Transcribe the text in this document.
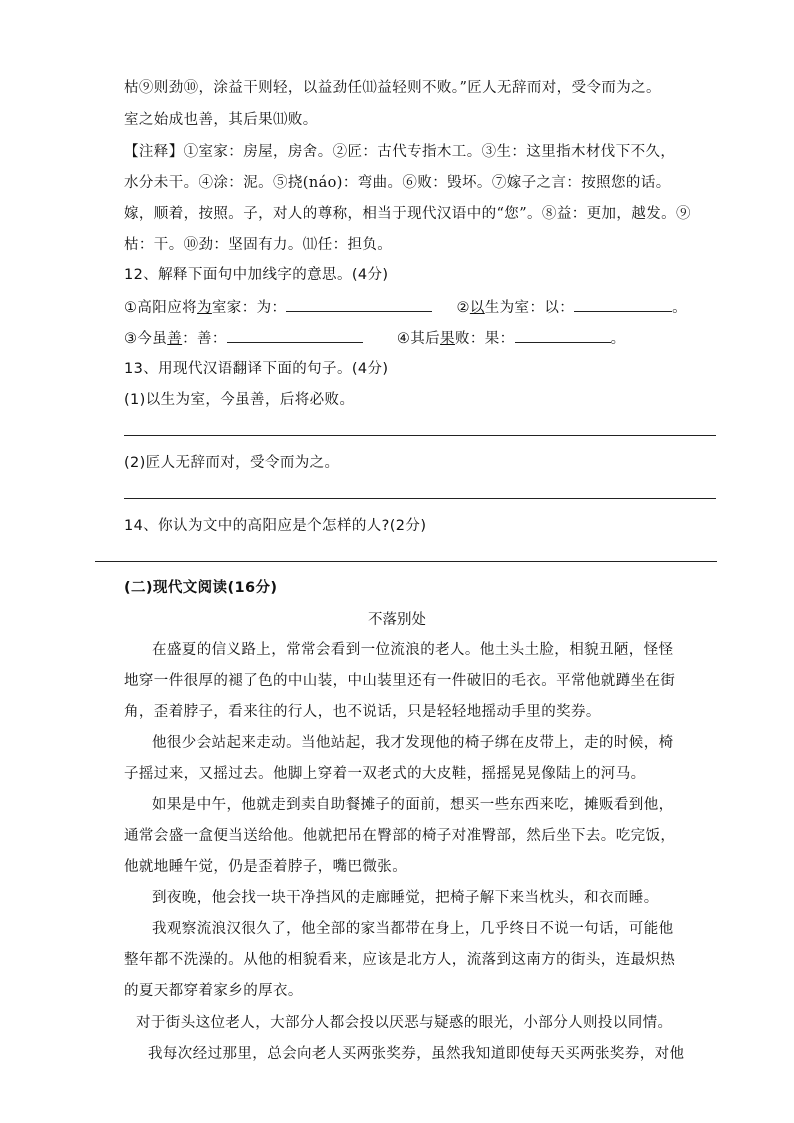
枯⑨则劲⑩，涂益干则轻，以益劲任⑾益轻则不败。”匠人无辞而对，受令而为之。
室之始成也善，其后果⑾败。
【注释】①室家：房屋，房舍。②匠：古代专指木工。③生：这里指木材伐下不久，
水分未干。④涂：泥。⑤挠(náo)：弯曲。⑥败：毁坏。⑦嫁子之言：按照您的话。
嫁，顺着，按照。子，对人的尊称，相当于现代汉语中的“您”。⑧益：更加，越发。⑨
枯：干。⑩劲：坚固有力。⑾任：担负。
12、解释下面句中加线字的意思。(4分)
①高阳应将为室家：为：	②以生为室：以：	。
③今虽善：善：	④其后果败：果：	。
13、用现代汉语翻译下面的句子。(4分)
(1)以生为室，今虽善，后将必败。
(2)匠人无辞而对，受令而为之。
14、你认为文中的高阳应是个怎样的人?(2分)
(二)现代文阅读(16分)
不落别处
在盛夏的信义路上，常常会看到一位流浪的老人。他土头土脸，相貌丑陋，怪怪
地穿一件很厚的褪了色的中山装，中山装里还有一件破旧的毛衣。平常他就蹲坐在街
角，歪着脖子，看来往的行人，也不说话，只是轻轻地摇动手里的奖券。
他很少会站起来走动。当他站起，我才发现他的椅子绑在皮带上，走的时候，椅
子摇过来，又摇过去。他脚上穿着一双老式的大皮鞋，摇摇晃晃像陆上的河马。
如果是中午，他就走到卖自助餐摊子的面前，想买一些东西来吃，摊贩看到他，
通常会盛一盒便当送给他。他就把吊在臀部的椅子对准臀部，然后坐下去。吃完饭，
他就地睡午觉，仍是歪着脖子，嘴巴微张。
到夜晚，他会找一块干净挡风的走廊睡觉，把椅子解下来当枕头，和衣而睡。
我观察流浪汉很久了，他全部的家当都带在身上，几乎终日不说一句话，可能他
整年都不洗澡的。从他的相貌看来，应该是北方人，流落到这南方的街头，连最炽热
的夏天都穿着家乡的厚衣。
对于街头这位老人，大部分人都会投以厌恶与疑惑的眼光，小部分人则投以同情。
我每次经过那里，总会向老人买两张奖券，虽然我知道即使每天买两张奖券，对他
